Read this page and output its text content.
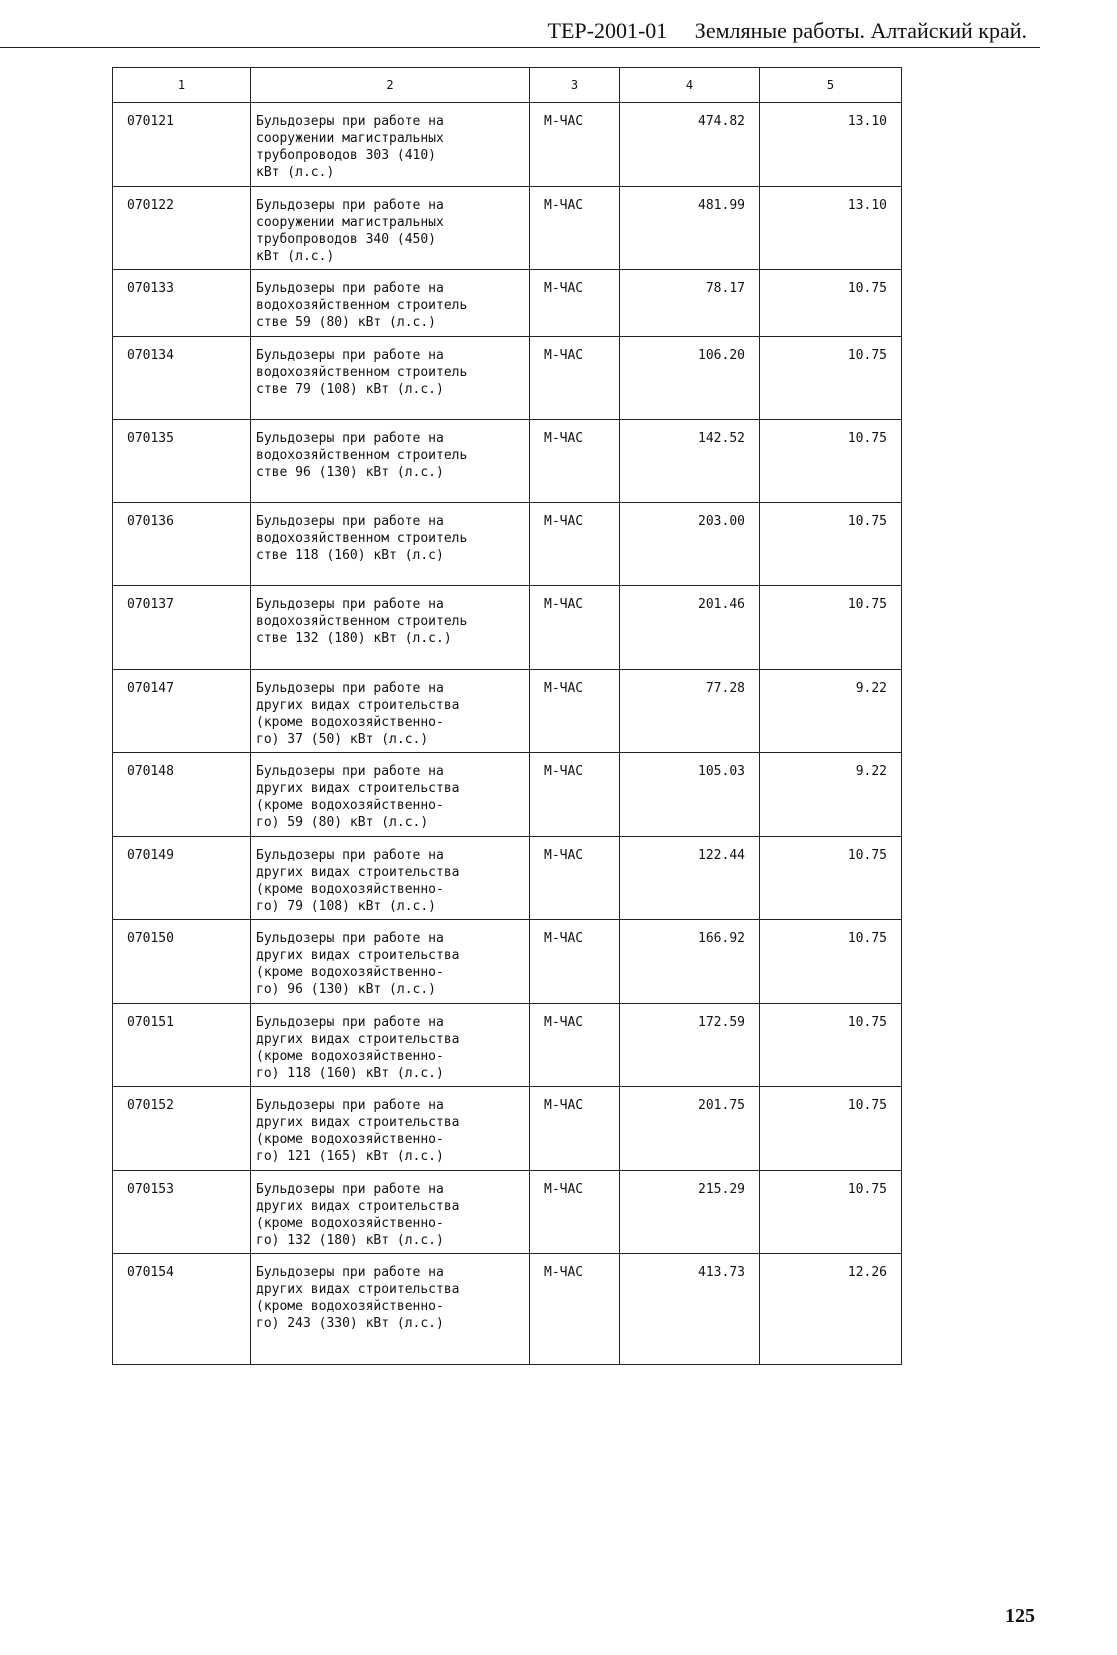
ТЕР-2001-01 Земляные работы. Алтайский край.
1	2	3	4	5
070121	Бульдозеры при работе на
сооружении магистральных
трубопроводов 303 (410)
кВт (л.с.)	М-ЧАС	474.82	13.10
070122	Бульдозеры при работе на
сооружении магистральных
трубопроводов 340 (450)
кВт (л.с.)	М-ЧАС	481.99	13.10
070133	Бульдозеры при работе на
водохозяйственном строитель
стве 59 (80) кВт (л.с.)	М-ЧАС	78.17	10.75
070134	Бульдозеры при работе на
водохозяйственном строитель
стве 79 (108) кВт (л.с.)	М-ЧАС	106.20	10.75
070135	Бульдозеры при работе на
водохозяйственном строитель
стве 96 (130) кВт (л.с.)	М-ЧАС	142.52	10.75
070136	Бульдозеры при работе на
водохозяйственном строитель
стве 118 (160) кВт (л.с)	М-ЧАС	203.00	10.75
070137	Бульдозеры при работе на
водохозяйственном строитель
стве 132 (180) кВт (л.с.)	М-ЧАС	201.46	10.75
070147	Бульдозеры при работе на
других видах строительства
(кроме водохозяйственно-
го) 37 (50) кВт (л.с.)	М-ЧАС	77.28	9.22
070148	Бульдозеры при работе на
других видах строительства
(кроме водохозяйственно-
го) 59 (80) кВт (л.с.)	М-ЧАС	105.03	9.22
070149	Бульдозеры при работе на
других видах строительства
(кроме водохозяйственно-
го) 79 (108) кВт (л.с.)	М-ЧАС	122.44	10.75
070150	Бульдозеры при работе на
других видах строительства
(кроме водохозяйственно-
го) 96 (130) кВт (л.с.)	М-ЧАС	166.92	10.75
070151	Бульдозеры при работе на
других видах строительства
(кроме водохозяйственно-
го) 118 (160) кВт (л.с.)	М-ЧАС	172.59	10.75
070152	Бульдозеры при работе на
других видах строительства
(кроме водохозяйственно-
го) 121 (165) кВт (л.с.)	М-ЧАС	201.75	10.75
070153	Бульдозеры при работе на
других видах строительства
(кроме водохозяйственно-
го) 132 (180) кВт (л.с.)	М-ЧАС	215.29	10.75
070154	Бульдозеры при работе на
других видах строительства
(кроме водохозяйственно-
го) 243 (330) кВт (л.с.)	М-ЧАС	413.73	12.26
125
